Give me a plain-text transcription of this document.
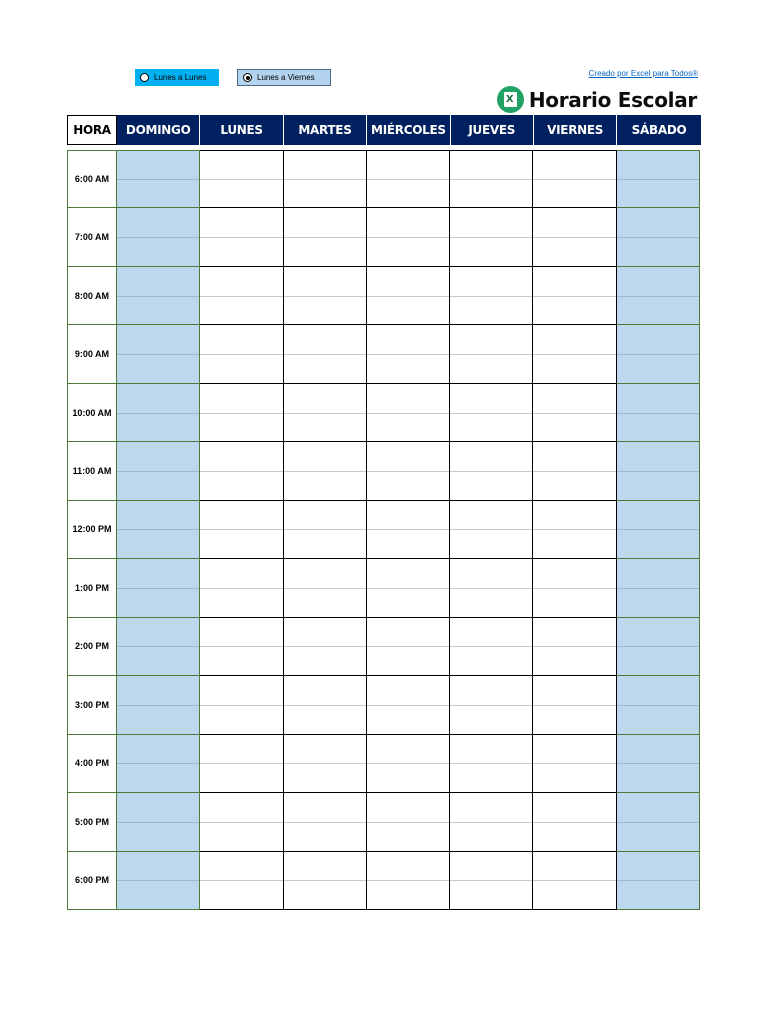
Lunes a Lunes	Lunes a Viernes	Creado por Excel para Todos®
X Horario Escolar
HORA	DOMINGO	LUNES	MARTES	MIÉRCOLES	JUEVES	VIERNES	SÁBADO
6:00 AM
7:00 AM
8:00 AM
9:00 AM
10:00 AM
11:00 AM
12:00 PM
1:00 PM
2:00 PM
3:00 PM
4:00 PM
5:00 PM
6:00 PM
